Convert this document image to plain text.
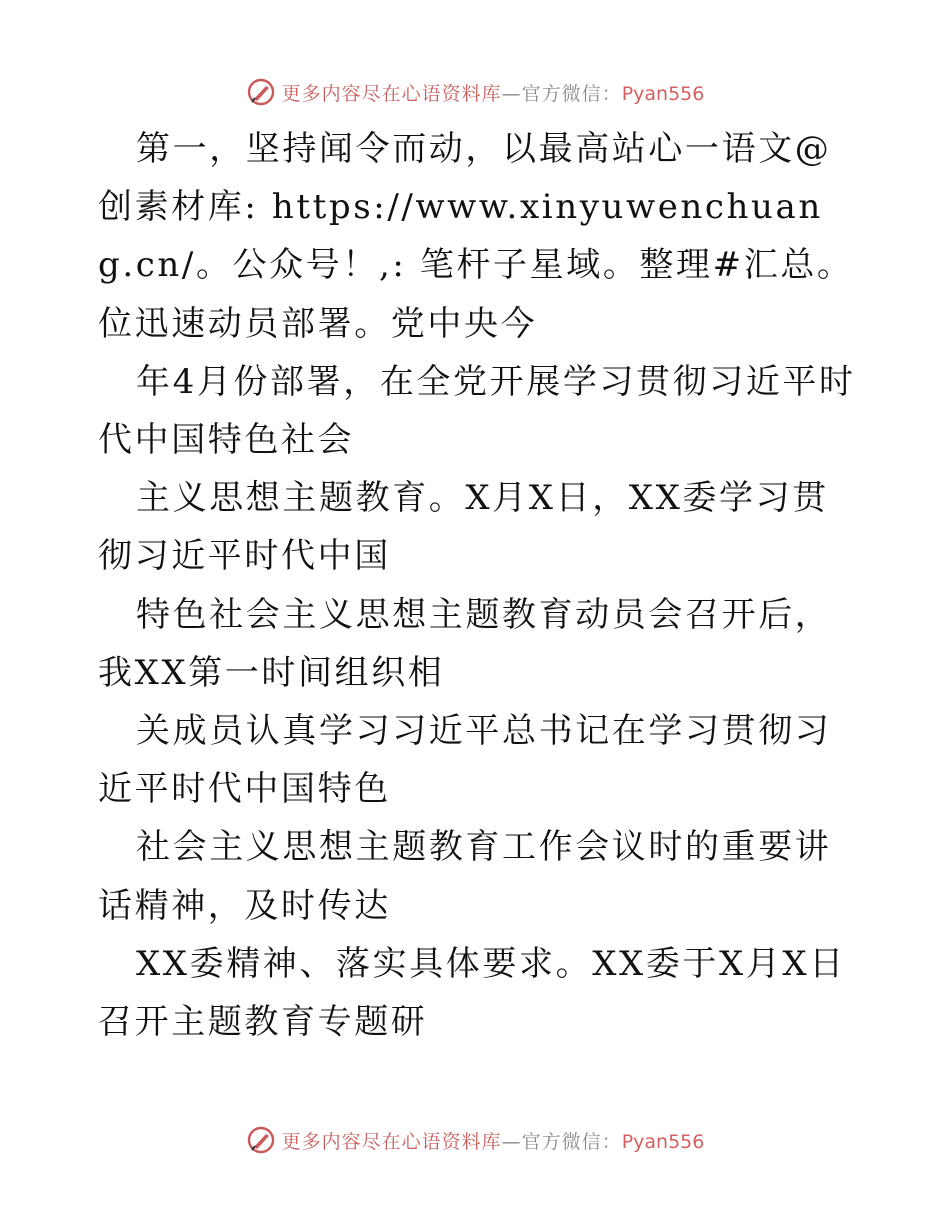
更多内容尽在心语资料库—官方微信：Pyan556

第一，坚持闻令而动，以最高站心一语文@创素材库: https://www.xinyuwenchuang.cn/。公众号！,: 笔杆子星域。整理#汇总。位迅速动员部署。党中央今

年4月份部署，在全党开展学习贯彻习近平时代中国特色社会

主义思想主题教育。X月X日，XX委学习贯彻习近平时代中国

特色社会主义思想主题教育动员会召开后，我XX第一时间组织相

关成员认真学习习近平总书记在学习贯彻习近平时代中国特色

社会主义思想主题教育工作会议时的重要讲话精神，及时传达

XX委精神、落实具体要求。XX委于X月X日召开主题教育专题研

更多内容尽在心语资料库—官方微信：Pyan556
